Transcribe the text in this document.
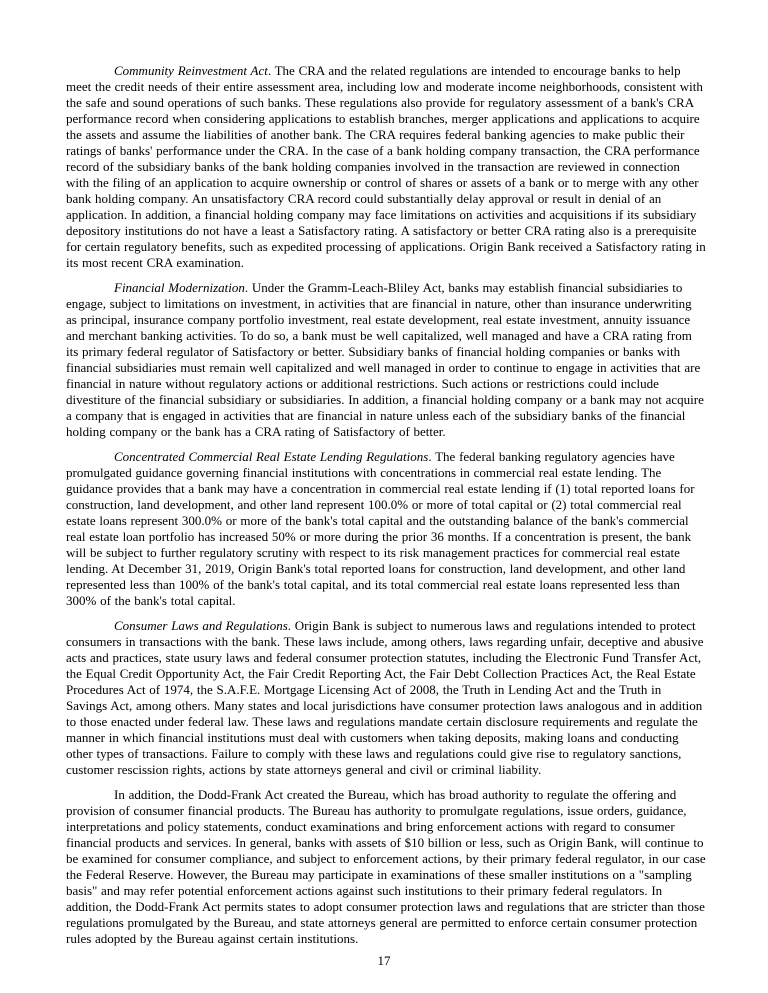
Community Reinvestment Act. The CRA and the related regulations are intended to encourage banks to help meet the credit needs of their entire assessment area, including low and moderate income neighborhoods, consistent with the safe and sound operations of such banks. These regulations also provide for regulatory assessment of a bank's CRA performance record when considering applications to establish branches, merger applications and applications to acquire the assets and assume the liabilities of another bank. The CRA requires federal banking agencies to make public their ratings of banks' performance under the CRA. In the case of a bank holding company transaction, the CRA performance record of the subsidiary banks of the bank holding companies involved in the transaction are reviewed in connection with the filing of an application to acquire ownership or control of shares or assets of a bank or to merge with any other bank holding company. An unsatisfactory CRA record could substantially delay approval or result in denial of an application. In addition, a financial holding company may face limitations on activities and acquisitions if its subsidiary depository institutions do not have a least a Satisfactory rating. A satisfactory or better CRA rating also is a prerequisite for certain regulatory benefits, such as expedited processing of applications. Origin Bank received a Satisfactory rating in its most recent CRA examination.

Financial Modernization. Under the Gramm-Leach-Bliley Act, banks may establish financial subsidiaries to engage, subject to limitations on investment, in activities that are financial in nature, other than insurance underwriting as principal, insurance company portfolio investment, real estate development, real estate investment, annuity issuance and merchant banking activities. To do so, a bank must be well capitalized, well managed and have a CRA rating from its primary federal regulator of Satisfactory or better. Subsidiary banks of financial holding companies or banks with financial subsidiaries must remain well capitalized and well managed in order to continue to engage in activities that are financial in nature without regulatory actions or additional restrictions. Such actions or restrictions could include divestiture of the financial subsidiary or subsidiaries. In addition, a financial holding company or a bank may not acquire a company that is engaged in activities that are financial in nature unless each of the subsidiary banks of the financial holding company or the bank has a CRA rating of Satisfactory of better.

Concentrated Commercial Real Estate Lending Regulations. The federal banking regulatory agencies have promulgated guidance governing financial institutions with concentrations in commercial real estate lending. The guidance provides that a bank may have a concentration in commercial real estate lending if (1) total reported loans for construction, land development, and other land represent 100.0% or more of total capital or (2) total commercial real estate loans represent 300.0% or more of the bank's total capital and the outstanding balance of the bank's commercial real estate loan portfolio has increased 50% or more during the prior 36 months. If a concentration is present, the bank will be subject to further regulatory scrutiny with respect to its risk management practices for commercial real estate lending. At December 31, 2019, Origin Bank's total reported loans for construction, land development, and other land represented less than 100% of the bank's total capital, and its total commercial real estate loans represented less than 300% of the bank's total capital.

Consumer Laws and Regulations. Origin Bank is subject to numerous laws and regulations intended to protect consumers in transactions with the bank. These laws include, among others, laws regarding unfair, deceptive and abusive acts and practices, state usury laws and federal consumer protection statutes, including the Electronic Fund Transfer Act, the Equal Credit Opportunity Act, the Fair Credit Reporting Act, the Fair Debt Collection Practices Act, the Real Estate Procedures Act of 1974, the S.A.F.E. Mortgage Licensing Act of 2008, the Truth in Lending Act and the Truth in Savings Act, among others. Many states and local jurisdictions have consumer protection laws analogous and in addition to those enacted under federal law. These laws and regulations mandate certain disclosure requirements and regulate the manner in which financial institutions must deal with customers when taking deposits, making loans and conducting other types of transactions. Failure to comply with these laws and regulations could give rise to regulatory sanctions, customer rescission rights, actions by state attorneys general and civil or criminal liability.

In addition, the Dodd-Frank Act created the Bureau, which has broad authority to regulate the offering and provision of consumer financial products. The Bureau has authority to promulgate regulations, issue orders, guidance, interpretations and policy statements, conduct examinations and bring enforcement actions with regard to consumer financial products and services. In general, banks with assets of $10 billion or less, such as Origin Bank, will continue to be examined for consumer compliance, and subject to enforcement actions, by their primary federal regulator, in our case the Federal Reserve. However, the Bureau may participate in examinations of these smaller institutions on a "sampling basis" and may refer potential enforcement actions against such institutions to their primary federal regulators. In addition, the Dodd-Frank Act permits states to adopt consumer protection laws and regulations that are stricter than those regulations promulgated by the Bureau, and state attorneys general are permitted to enforce certain consumer protection rules adopted by the Bureau against certain institutions.

17
